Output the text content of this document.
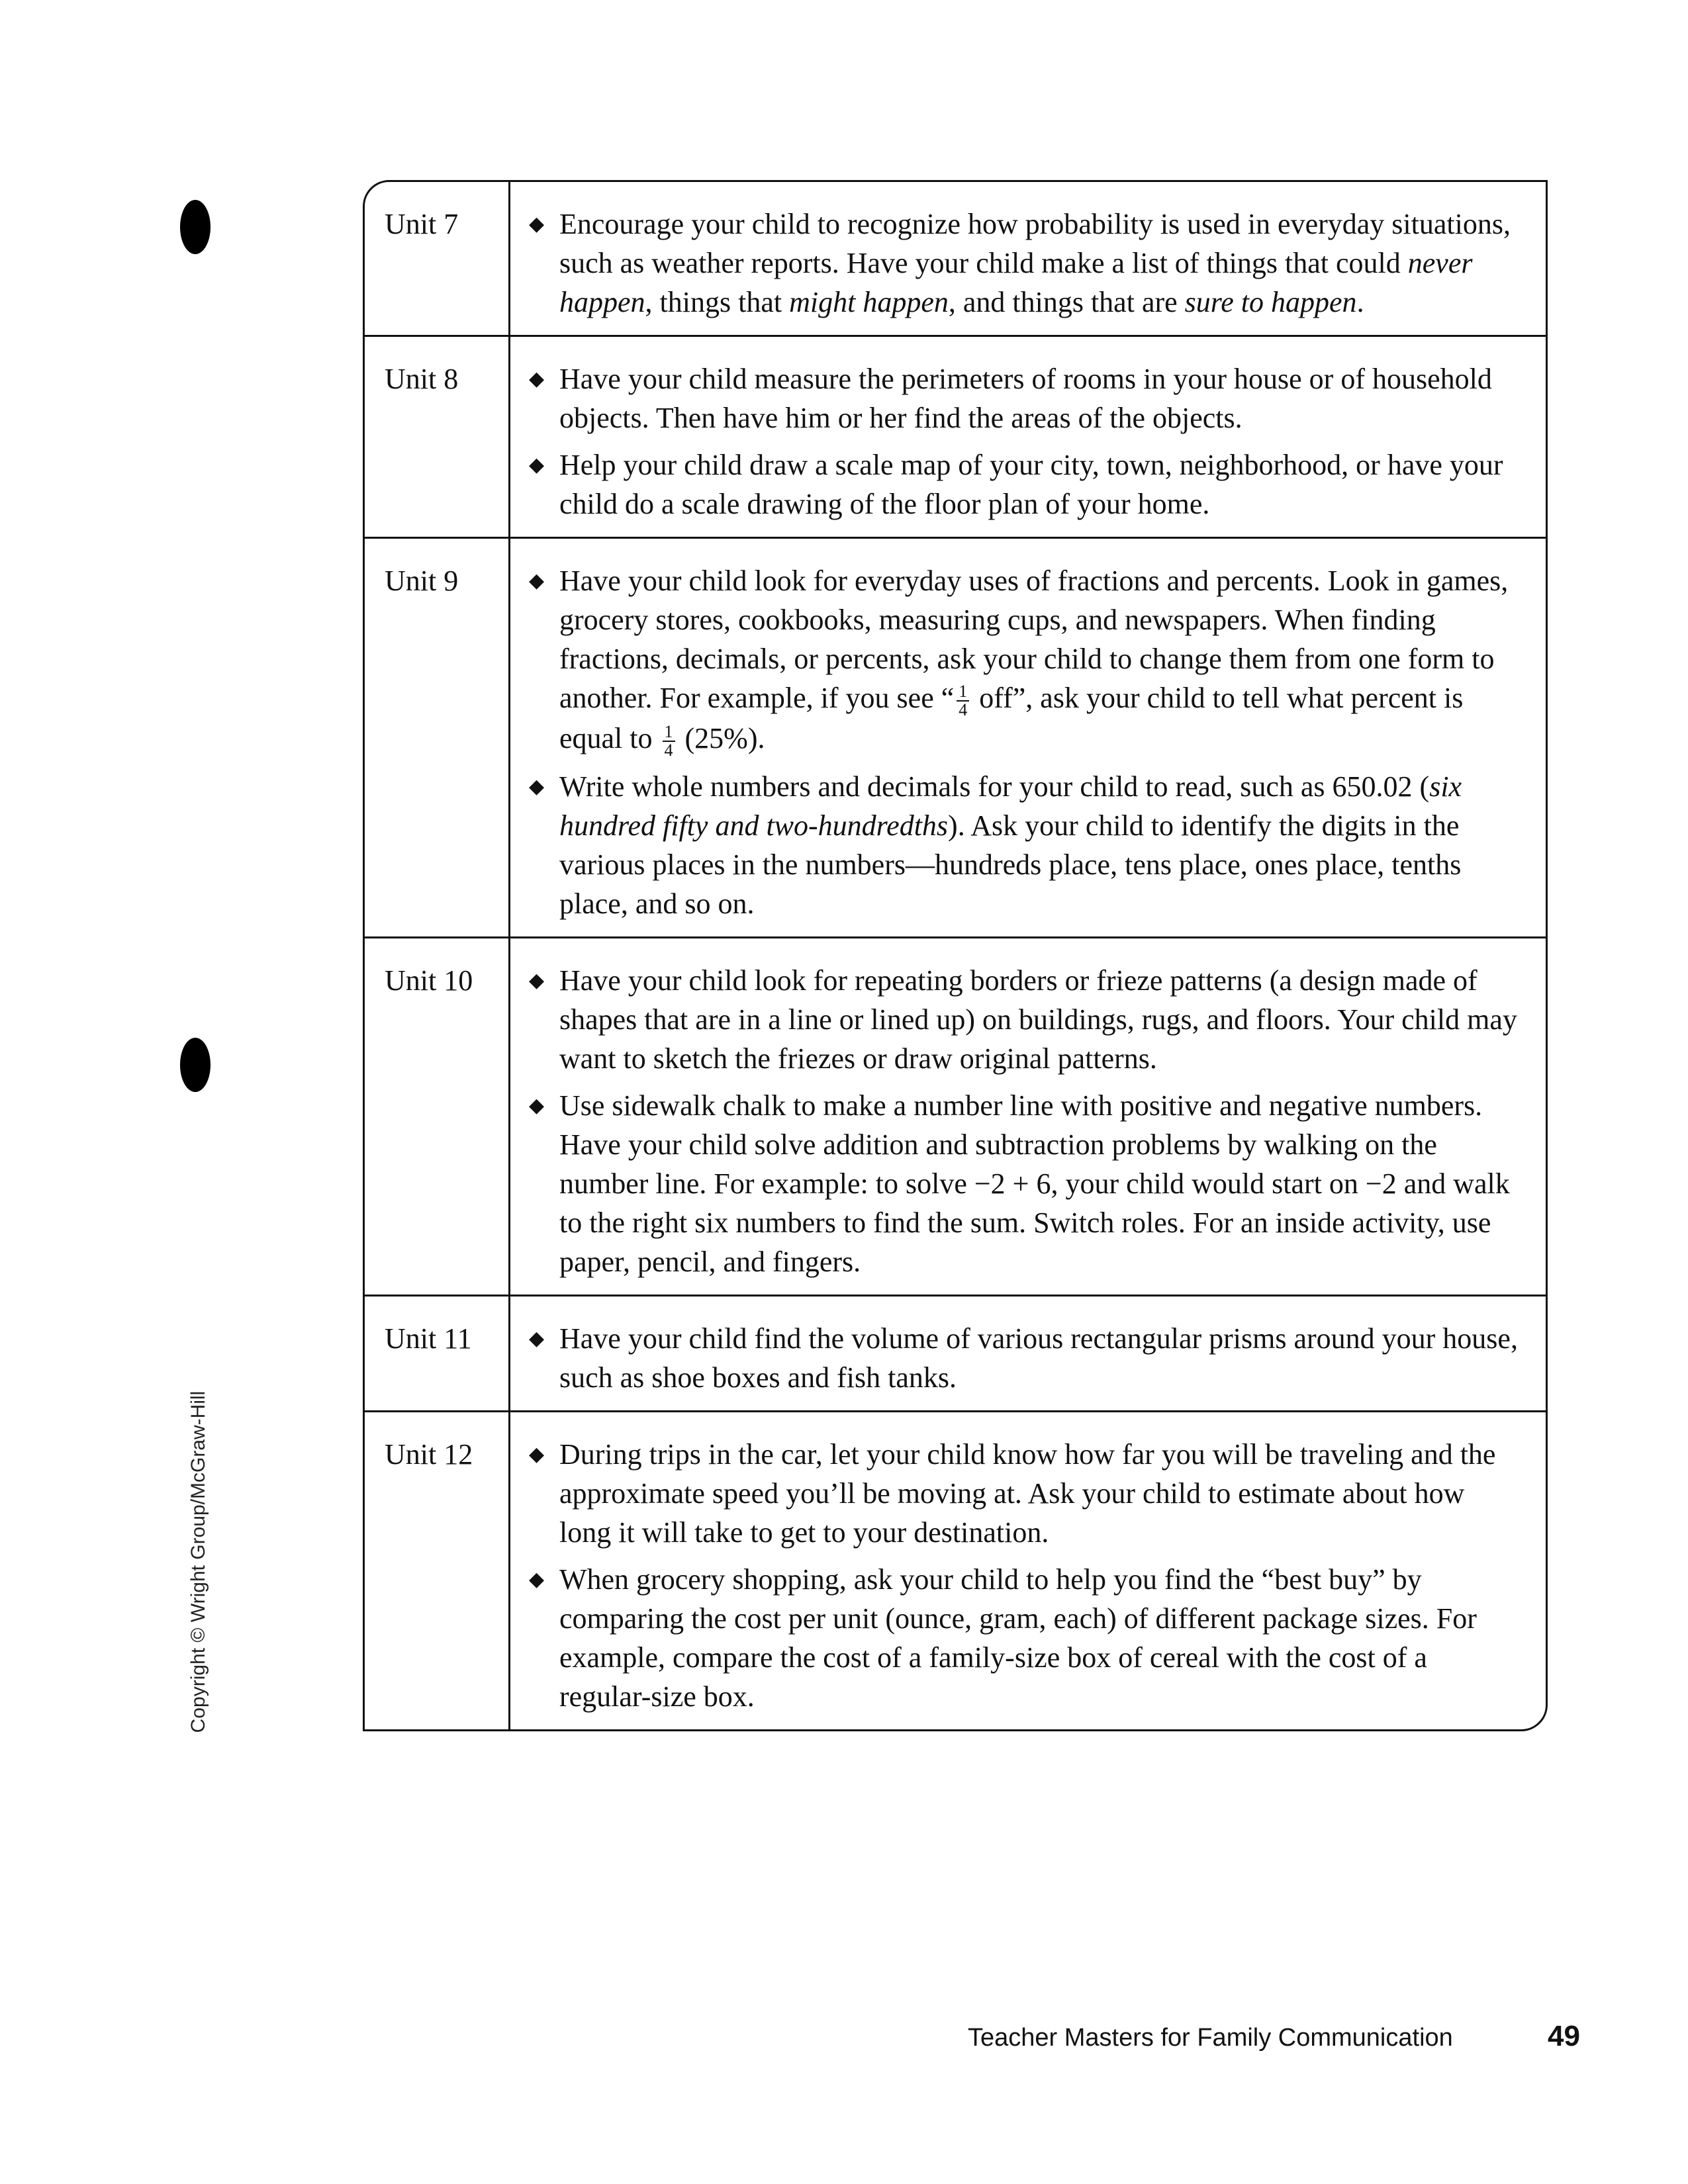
Copyright © Wright Group/McGraw-Hill
Unit 7	◆ Encourage your child to recognize how probability is used in everyday situations, such as weather reports. Have your child make a list of things that could never happen, things that might happen, and things that are sure to happen.
Unit 8	◆ Have your child measure the perimeters of rooms in your house or of household objects. Then have him or her find the areas of the objects.
◆ Help your child draw a scale map of your city, town, neighborhood, or have your child do a scale drawing of the floor plan of your home.
Unit 9	◆ Have your child look for everyday uses of fractions and percents. Look in games, grocery stores, cookbooks, measuring cups, and newspapers. When finding fractions, decimals, or percents, ask your child to change them from one form to another. For example, if you see “ $\frac{1}{4}$ off”, ask your child to tell what percent is equal to $\frac{1}{4} (25\%)$.
◆ Write whole numbers and decimals for your child to read, such as 650.02 (six hundred fifty and two-hundredths). Ask your child to identify the digits in the various places in the numbers—hundreds place, tens place, ones place, tenths place, and so on.
Unit 10	◆ Have your child look for repeating borders or frieze patterns (a design made of shapes that are in a line or lined up) on buildings, rugs, and floors. Your child may want to sketch the friezes or draw original patterns.
◆ Use sidewalk chalk to make a number line with positive and negative numbers. Have your child solve addition and subtraction problems by walking on the number line. For example: to solve −2 + 6, your child would start on −2 and walk to the right six numbers to find the sum. Switch roles. For an inside activity, use paper, pencil, and fingers.
Unit 11	◆ Have your child find the volume of various rectangular prisms around your house, such as shoe boxes and fish tanks.
Unit 12	◆ During trips in the car, let your child know how far you will be traveling and the approximate speed you’ll be moving at. Ask your child to estimate about how long it will take to get to your destination.
◆ When grocery shopping, ask your child to help you find the “best buy” by comparing the cost per unit (ounce, gram, each) of different package sizes. For example, compare the cost of a family-size box of cereal with the cost of a regular-size box.
Teacher Masters for Family Communication	49
